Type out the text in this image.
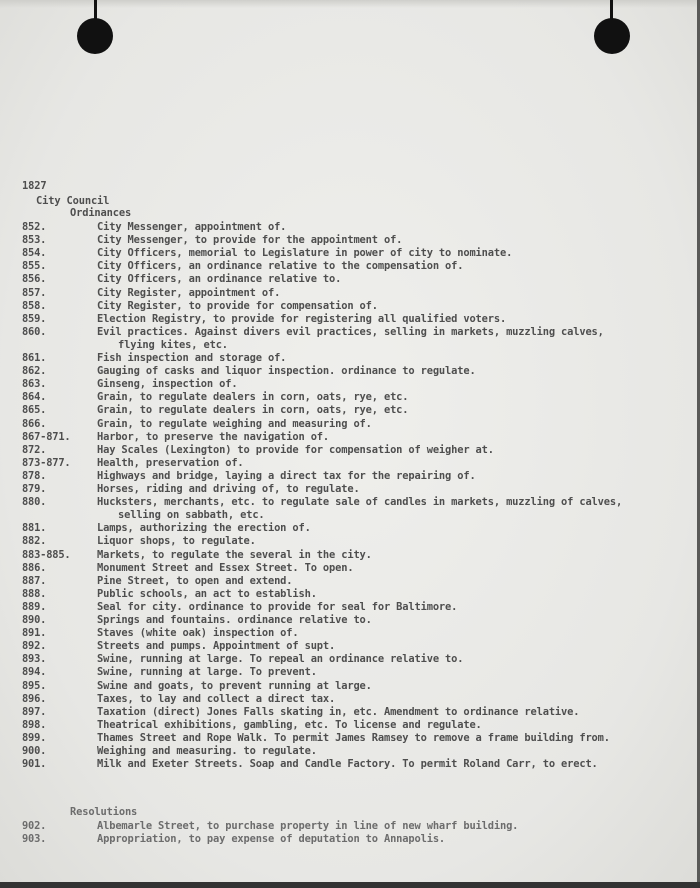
1827
City Council
Ordinances
852.	City Messenger, appointment of.
853.	City Messenger, to provide for the appointment of.
854.	City Officers, memorial to Legislature in power of city to nominate.
855.	City Officers, an ordinance relative to the compensation of.
856.	City Officers, an ordinance relative to.
857.	City Register, appointment of.
858.	City Register, to provide for compensation of.
859.	Election Registry, to provide for registering all qualified voters.
860.	Evil practices. Against divers evil practices, selling in markets, muzzling calves,
flying kites, etc.
861.	Fish inspection and storage of.
862.	Gauging of casks and liquor inspection. ordinance to regulate.
863.	Ginseng, inspection of.
864.	Grain, to regulate dealers in corn, oats, rye, etc.
865.	Grain, to regulate dealers in corn, oats, rye, etc.
866.	Grain, to regulate weighing and measuring of.
867-871.	Harbor, to preserve the navigation of.
872.	Hay Scales (Lexington) to provide for compensation of weigher at.
873-877.	Health, preservation of.
878.	Highways and bridge, laying a direct tax for the repairing of.
879.	Horses, riding and driving of, to regulate.
880.	Hucksters, merchants, etc. to regulate sale of candles in markets, muzzling of calves,
selling on sabbath, etc.
881.	Lamps, authorizing the erection of.
882.	Liquor shops, to regulate.
883-885.	Markets, to regulate the several in the city.
886.	Monument Street and Essex Street. To open.
887.	Pine Street, to open and extend.
888.	Public schools, an act to establish.
889.	Seal for city. ordinance to provide for seal for Baltimore.
890.	Springs and fountains. ordinance relative to.
891.	Staves (white oak) inspection of.
892.	Streets and pumps. Appointment of supt.
893.	Swine, running at large. To repeal an ordinance relative to.
894.	Swine, running at large. To prevent.
895.	Swine and goats, to prevent running at large.
896.	Taxes, to lay and collect a direct tax.
897.	Taxation (direct) Jones Falls skating in, etc. Amendment to ordinance relative.
898.	Theatrical exhibitions, gambling, etc. To license and regulate.
899.	Thames Street and Rope Walk. To permit James Ramsey to remove a frame building from.
900.	Weighing and measuring. to regulate.
901.	Milk and Exeter Streets. Soap and Candle Factory. To permit Roland Carr, to erect.
Resolutions
902.	Albemarle Street, to purchase property in line of new wharf building.
903.	Appropriation, to pay expense of deputation to Annapolis.
